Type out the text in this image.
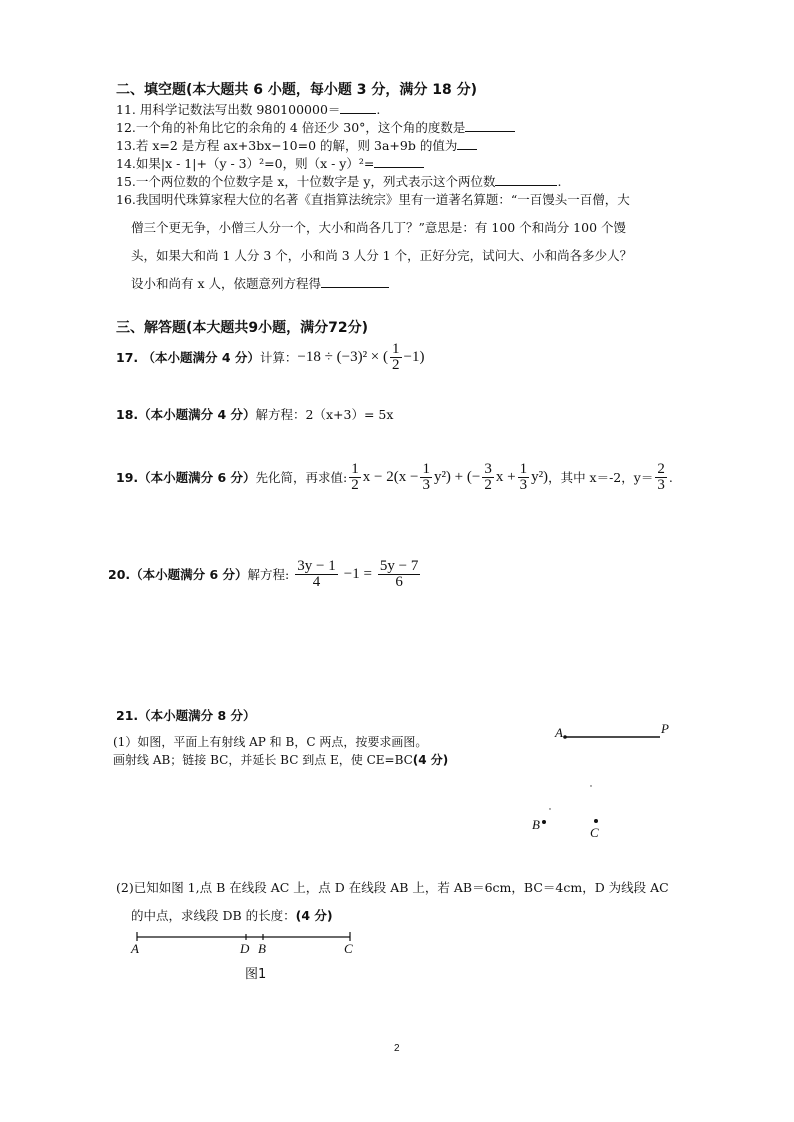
二、填空题(本大题共 6 小题，每小题 3 分，满分 18 分)
11. 用科学记数法写出数 980100000＝	.
12.一个角的补角比它的余角的 4 倍还少 30°，这个角的度数是
13.若 x=2 是方程 ax+3bx−10=0 的解，则 3a+9b 的值为
14.如果|x - 1|+（y - 3）²=0，则（x - y）²=
15.一个两位数的个位数字是 x，十位数字是 y，列式表示这个两位数	.
16.我国明代珠算家程大位的名著《直指算法统宗》里有一道著名算题：“一百馒头一百僧，大
僧三个更无争，小僧三人分一个，大小和尚各几丁？”意思是：有 100 个和尚分 100 个馒
头，如果大和尚 1 人分 3 个，小和尚 3 人分 1 个，正好分完，试问大、小和尚各多少人？
设小和尚有 x 人，依题意列方程得
三、解答题(本大题共9小题，满分72分)
17. （本小题满分 4 分） 计算： −18 ÷ (−3)² × ( $\frac{1}{2} -1$)
18.（本小题满分 4 分）解方程：2（x+3）= 5x
19.（本小题满分 6 分） 先化简，再求值: $\frac{1}{2}$ $x - 2(x - \frac{1}{3} y^2)$ + (− $\frac{3}{2}$ $x + \frac{1}{3} y^2$) ，其中 x＝-2，$y= \frac{2}{3}$ .
20.（本小题满分 6 分） 解方程: $\frac{3y - 1}{4} -1 = \frac{5y - 7}{6}$
21.（本小题满分 8 分）
(1）如图，平面上有射线 AP 和 B，C 两点，按要求画图。
画射线 AB；链接 BC，并延长 BC 到点 E，使 CE=BC(4 分)
A	P
B
C
(2)已知如图 1,点 B 在线段 AC 上，点 D 在线段 AB 上，若 AB＝6cm，BC＝4cm，D 为线段 AC
的中点，求线段 DB 的长度：(4 分)
A	D B	C
图1
2
